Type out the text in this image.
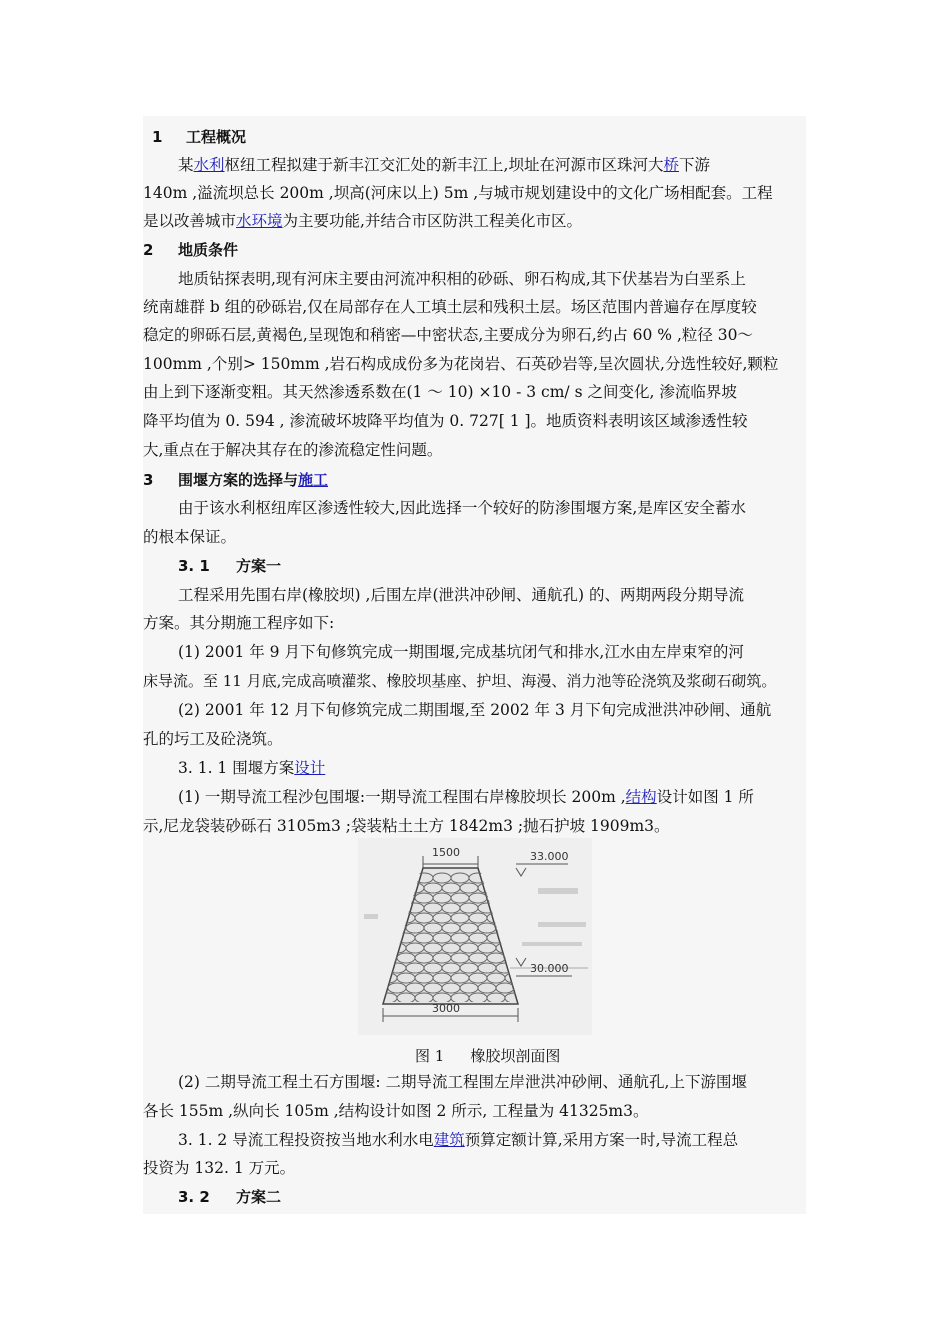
1 工程概况
某水利枢纽工程拟建于新丰江交汇处的新丰江上,坝址在河源市区珠河大桥下游
140m ,溢流坝总长 200m ,坝高(河床以上) 5m ,与城市规划建设中的文化广场相配套。工程
是以改善城市水环境为主要功能,并结合市区防洪工程美化市区。
2 地质条件
地质钻探表明,现有河床主要由河流冲积相的砂砾、卵石构成,其下伏基岩为白垩系上
统南雄群 b 组的砂砾岩,仅在局部存在人工填土层和残积土层。场区范围内普遍存在厚度较
稳定的卵砾石层,黄褐色,呈现饱和稍密—中密状态,主要成分为卵石,约占 60 % ,粒径 30～
100mm ,个别> 150mm ,岩石构成成份多为花岗岩、石英砂岩等,呈次圆状,分选性较好,颗粒
由上到下逐渐变粗。其天然渗透系数在(1 ～ 10) ×10 - 3 cm/ s 之间变化, 渗流临界坡
降平均值为 0. 594 , 渗流破坏坡降平均值为 0. 727[ 1 ]。地质资料表明该区域渗透性较
大,重点在于解决其存在的渗流稳定性问题。
3 围堰方案的选择与施工
由于该水利枢纽库区渗透性较大,因此选择一个较好的防渗围堰方案,是库区安全蓄水
的根本保证。
3. 1 方案一
工程采用先围右岸(橡胶坝) ,后围左岸(泄洪冲砂闸、通航孔) 的、两期两段分期导流
方案。其分期施工程序如下:
(1) 2001 年 9 月下旬修筑完成一期围堰,完成基坑闭气和排水,江水由左岸束窄的河
床导流。至 11 月底,完成高喷灌浆、橡胶坝基座、护坦、海漫、消力池等砼浇筑及浆砌石砌筑。
(2) 2001 年 12 月下旬修筑完成二期围堰,至 2002 年 3 月下旬完成泄洪冲砂闸、通航
孔的圬工及砼浇筑。
3. 1. 1 围堰方案设计
(1) 一期导流工程沙包围堰:一期导流工程围右岸橡胶坝长 200m ,结构设计如图 1 所
示,尼龙袋装砂砾石 3105m3 ;袋装粘土土方 1842m3 ;抛石护坡 1909m3。
1500
3000
33.000
30.000
图 1 橡胶坝剖面图
(2) 二期导流工程土石方围堰: 二期导流工程围左岸泄洪冲砂闸、通航孔,上下游围堰
各长 155m ,纵向长 105m ,结构设计如图 2 所示, 工程量为 41325m3。
3. 1. 2 导流工程投资按当地水利水电建筑预算定额计算,采用方案一时,导流工程总
投资为 132. 1 万元。
3. 2 方案二
